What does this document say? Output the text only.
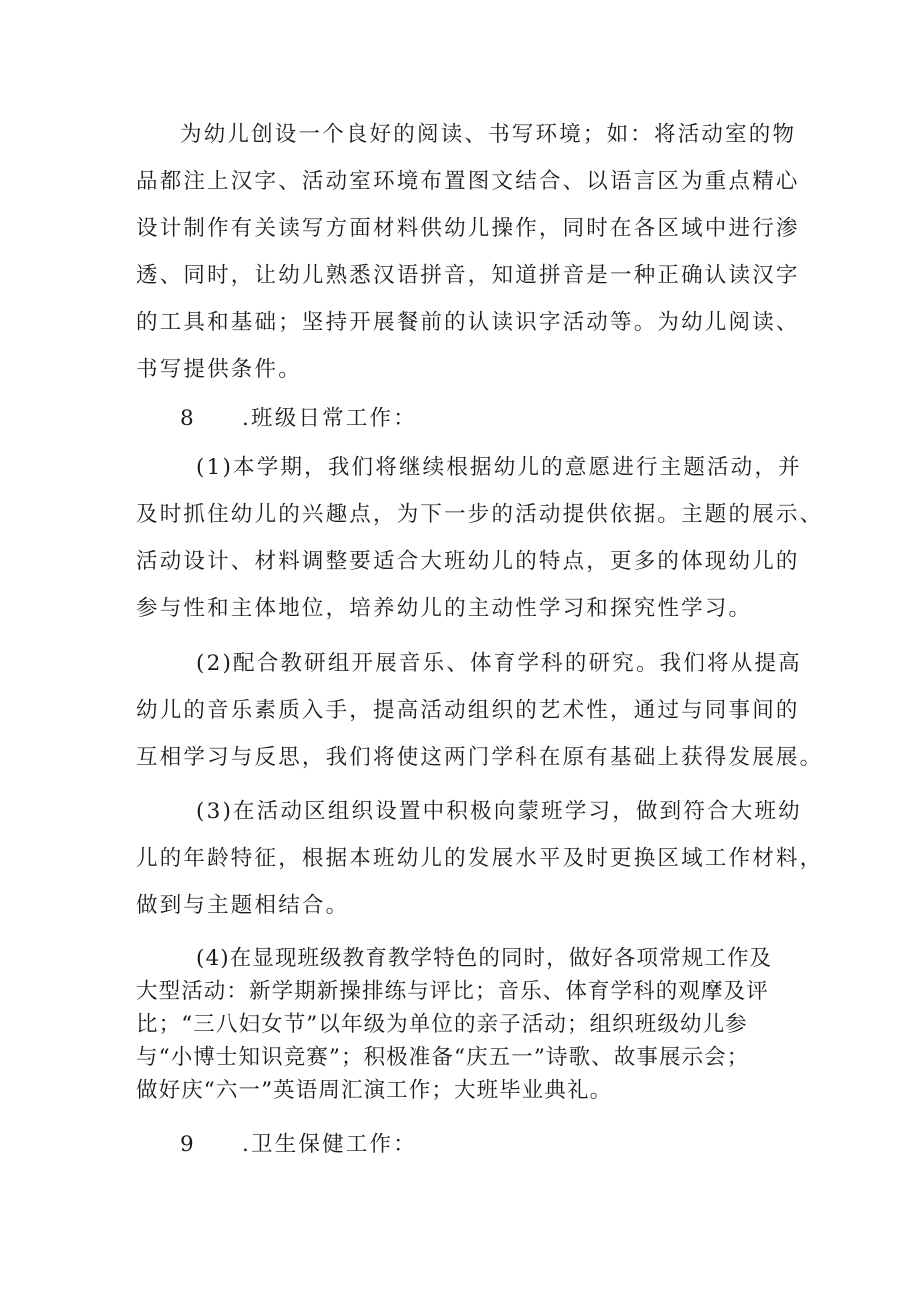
为幼儿创设一个良好的阅读、书写环境；如：将活动室的物
品都注上汉字、活动室环境布置图文结合、以语言区为重点精心
设计制作有关读写方面材料供幼儿操作，同时在各区域中进行渗
透、同时，让幼儿熟悉汉语拼音，知道拼音是一种正确认读汉字
的工具和基础；坚持开展餐前的认读识字活动等。为幼儿阅读、
书写提供条件。
8 .班级日常工作：
(1)本学期，我们将继续根据幼儿的意愿进行主题活动，并
及时抓住幼儿的兴趣点，为下一步的活动提供依据。主题的展示、
活动设计、材料调整要适合大班幼儿的特点，更多的体现幼儿的
参与性和主体地位，培养幼儿的主动性学习和探究性学习。
(2)配合教研组开展音乐、体育学科的研究。我们将从提高
幼儿的音乐素质入手，提高活动组织的艺术性，通过与同事间的
互相学习与反思，我们将使这两门学科在原有基础上获得发展展。
(3)在活动区组织设置中积极向蒙班学习，做到符合大班幼
儿的年龄特征，根据本班幼儿的发展水平及时更换区域工作材料，
做到与主题相结合。
(4)在显现班级教育教学特色的同时，做好各项常规工作及
大型活动：新学期新操排练与评比；音乐、体育学科的观摩及评
比；“三八妇女节”以年级为单位的亲子活动；组织班级幼儿参
与“小博士知识竞赛”；积极准备“庆五一”诗歌、故事展示会；
做好庆“六一”英语周汇演工作；大班毕业典礼。
9 .卫生保健工作：
